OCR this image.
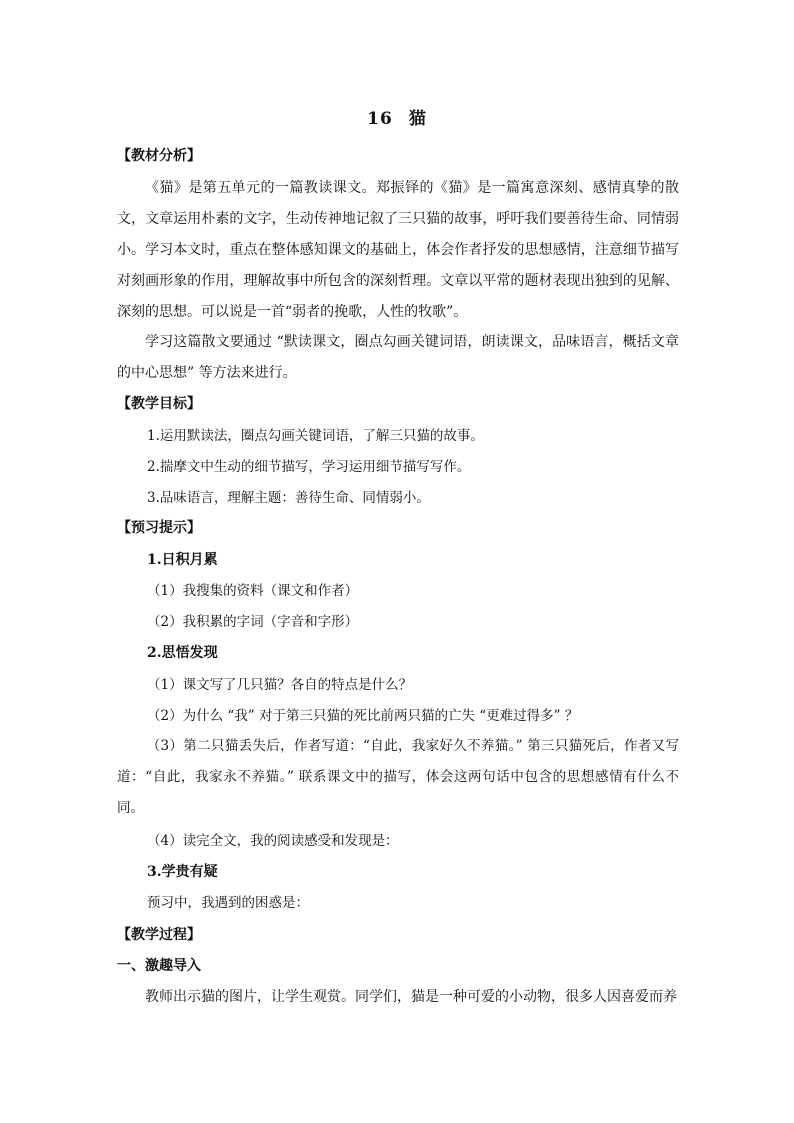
16 猫
【教材分析】
《猫》是第五单元的一篇教读课文。郑振铎的《猫》是一篇寓意深刻、感情真挚的散文，文章运用朴素的文字，生动传神地记叙了三只猫的故事，呼吁我们要善待生命、同情弱小。学习本文时，重点在整体感知课文的基础上，体会作者抒发的思想感情，注意细节描写对刻画形象的作用，理解故事中所包含的深刻哲理。文章以平常的题材表现出独到的见解、深刻的思想。可以说是一首“弱者的挽歌，人性的牧歌”。
学习这篇散文要通过 “默读课文，圈点勾画关键词语，朗读课文，品味语言，概括文章的中心思想” 等方法来进行。
【教学目标】
1.运用默读法，圈点勾画关键词语，了解三只猫的故事。
2.揣摩文中生动的细节描写，学习运用细节描写写作。
3.品味语言，理解主题：善待生命、同情弱小。
【预习提示】
1.日积月累
（1）我搜集的资料（课文和作者）
（2）我积累的字词（字音和字形）
2.思悟发现
（1）课文写了几只猫？各自的特点是什么？
（2）为什么 “我” 对于第三只猫的死比前两只猫的亡失 “更难过得多” ？
（3）第二只猫丢失后，作者写道：“自此，我家好久不养猫。” 第三只猫死后，作者又写道：“自此，我家永不养猫。” 联系课文中的描写，体会这两句话中包含的思想感情有什么不同。
（4）读完全文，我的阅读感受和发现是：
3.学贵有疑
预习中，我遇到的困惑是：
【教学过程】
一、激趣导入
教师出示猫的图片，让学生观赏。同学们，猫是一种可爱的小动物，很多人因喜爱而养
